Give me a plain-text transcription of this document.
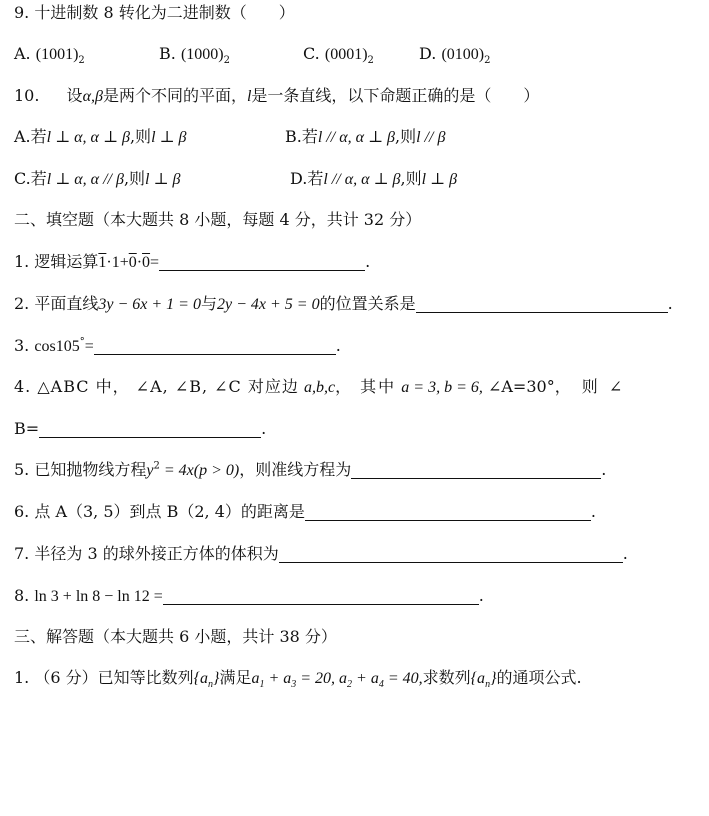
9. 十进制数 8 转化为二进制数（　　）
A. $(1001)_2$	B. $(1000)_2$	C. $(0001)_2$	D. $(0100)_2$
10. 设α,β是两个不同的平面，l是一条直线，以下命题正确的是（　　）
A.若l ⊥ α, α ⊥ β,则l ⊥ β	B.若l // α, α ⊥ β,则l // β
C.若l ⊥ α, α // β,则l ⊥ β	D.若l // α, α ⊥ β,则l ⊥ β
二、填空题（本大题共 8 小题，每题 4 分，共计 32 分）
1. 逻辑运算1·1+0·0=	.
2. 平面直线3y − 6x + 1 = 0与2y − 4x + 5 = 0的位置关系是	.
3. cos105°=	.
4. △ABC 中， ∠A, ∠B, ∠C 对应边 a,b,c， 其中 a = 3, b = 6, ∠A=30°， 则 ∠
B=	.
5. 已知抛物线方程$y^2 = 4x(p > 0)$，则准线方程为	.
6. 点 A（3, 5）到点 B（2, 4）的距离是	.
7. 半径为 3 的球外接正方体的体积为	.
8. ln 3 + ln 8 − ln 12 =	.
三、解答题（本大题共 6 小题，共计 38 分）
1. （6 分）已知等比数列$\{a_n\}$满足$a_1 + a_3 = 20$, $a_2 + a_4 = 40$,求数列$\{a_n\}$的通项公式.
